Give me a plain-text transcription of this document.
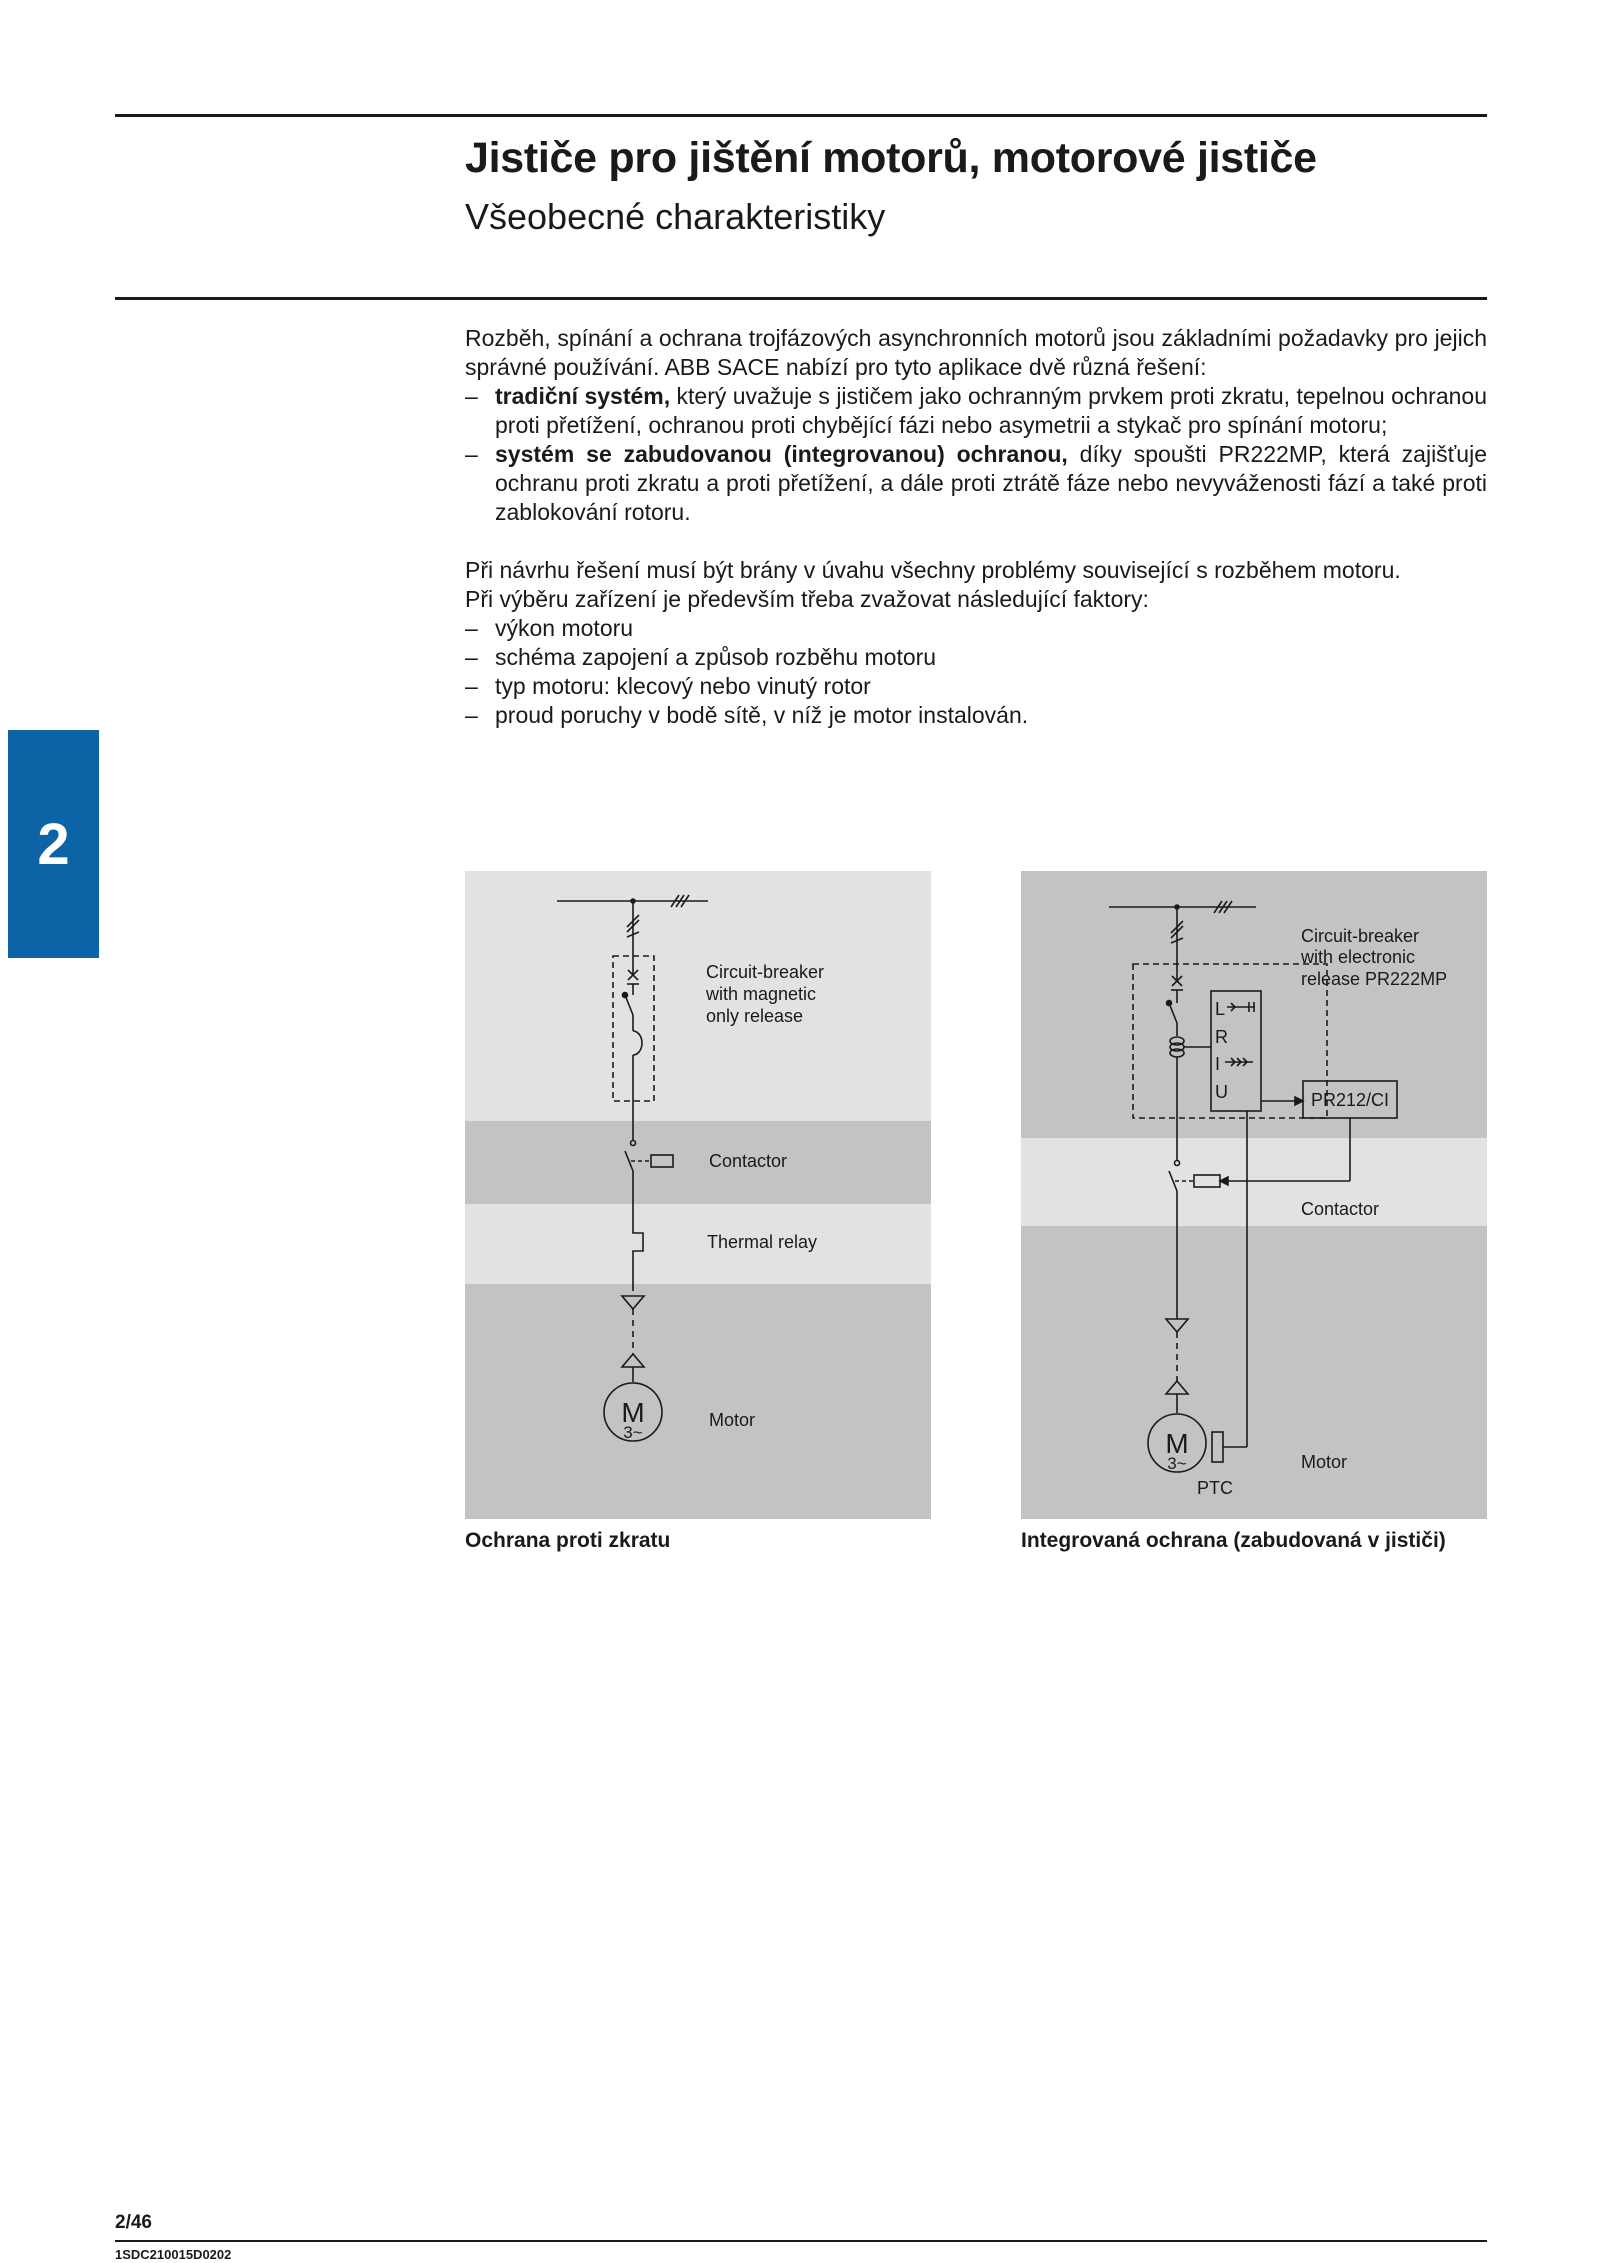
Jističe pro jištění motorů, motorové jističe
Všeobecné charakteristiky
2

Rozběh, spínání a ochrana trojfázových asynchronních motorů jsou základními požadavky pro jejich správné používání. ABB SACE nabízí pro tyto aplikace dvě různá řešení:

– tradiční systém, který uvažuje s jističem jako ochranným prvkem proti zkratu, tepelnou ochranou proti přetížení, ochranou proti chybějící fázi nebo asymetrii a stykač pro spínání motoru;
– systém se zabudovanou (integrovanou) ochranou, díky spoušti PR222MP, která zajišťuje ochranu proti zkratu a proti přetížení, a dále proti ztrátě fáze nebo nevyváženosti fází a také proti zablokování rotoru.

Při návrhu řešení musí být brány v úvahu všechny problémy související s rozběhem motoru.

Při výběru zařízení je především třeba zvažovat následující faktory:

– výkon motoru
– schéma zapojení a způsob rozběhu motoru
– typ motoru: klecový nebo vinutý rotor
– proud poruchy v bodě sítě, v níž je motor instalován.
M
3~
Circuit-breaker
with magnetic
only release
Contactor
Thermal relay
Motor
Ochrana proti zkratu
M
3~
PTC
L
R
I
U	PR212/CI
Circuit-breaker
with electronic
release PR222MP
Contactor
Motor
Integrovaná ochrana (zabudovaná v jističi)
2/46
1SDC210015D0202
